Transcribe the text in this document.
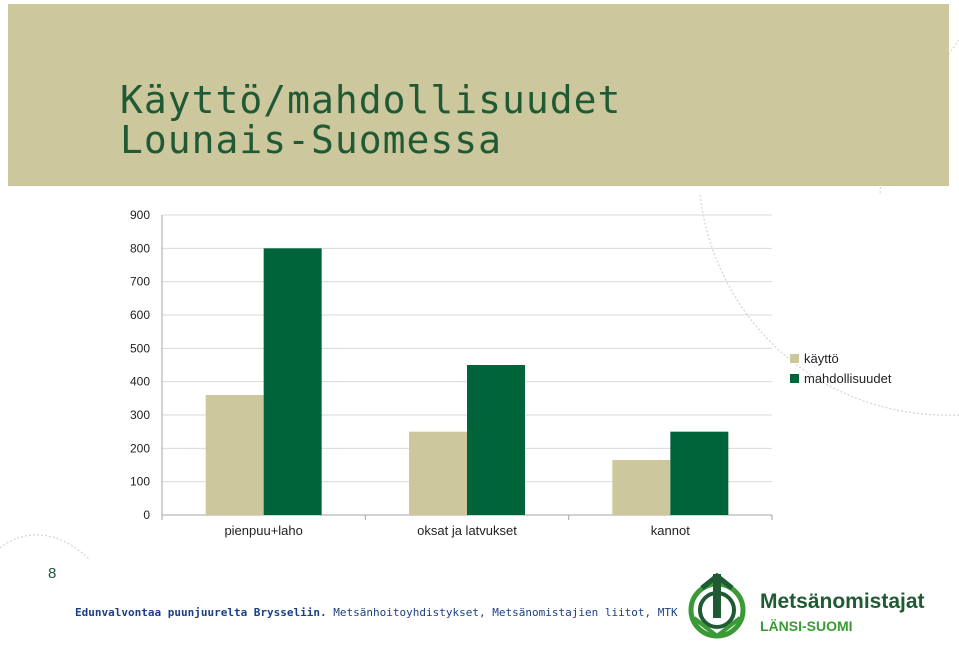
Käyttö/mahdollisuudet
Lounais-Suomessa
0
100
200
300
400
500
600
700
800
900
pienpuu+laho	oksat ja latvukset	kannot
käyttö
mahdollisuudet
8
Edunvalvontaa puunjuurelta Brysseliin. Metsänhoitoyhdistykset, Metsänomistajien liitot, MTK	Metsänomistajat
LÄNSI-SUOMI
